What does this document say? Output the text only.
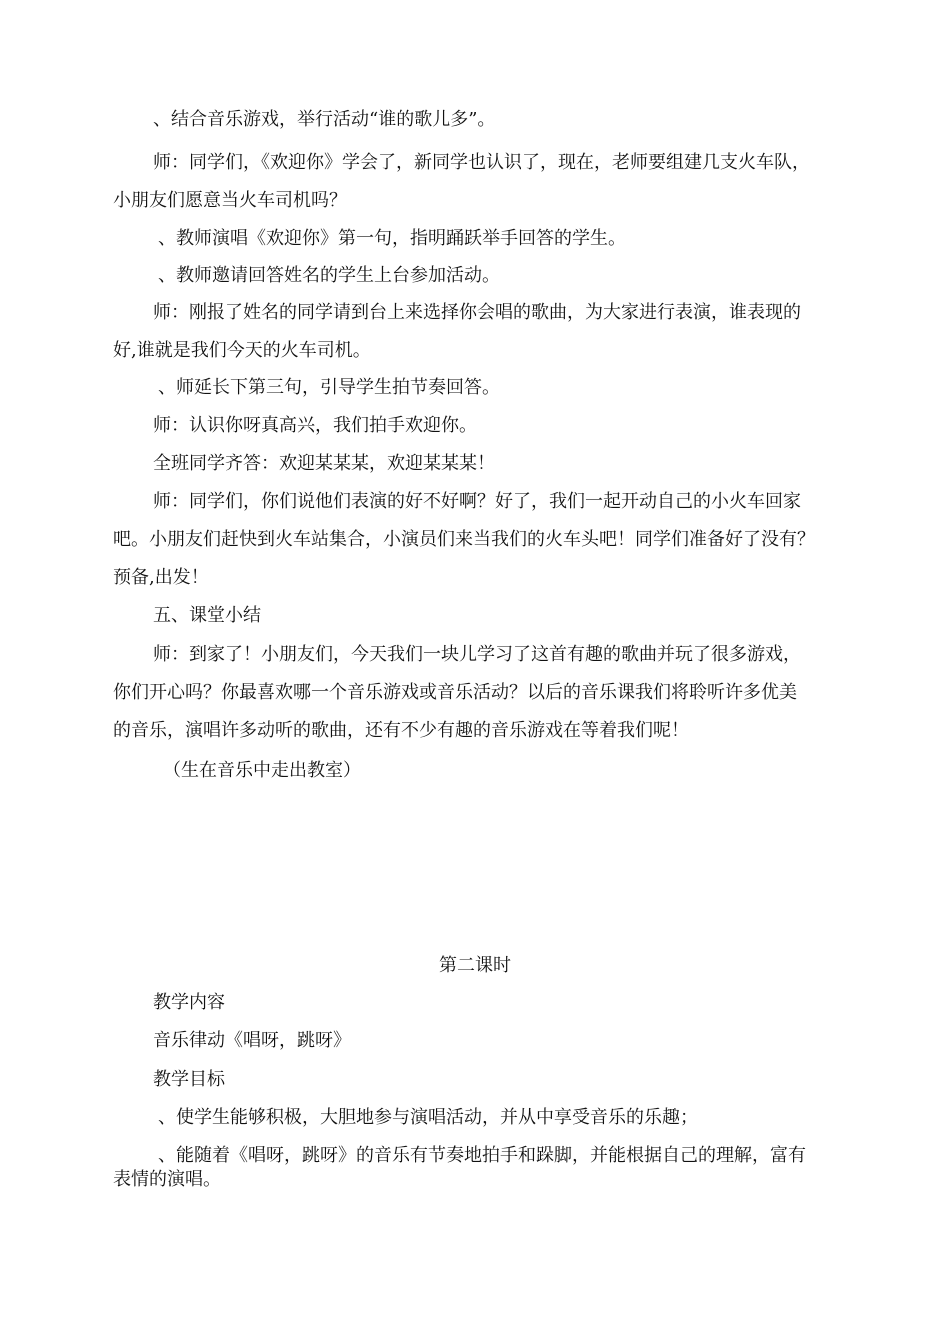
、结合音乐游戏，举行活动“谁的歌儿多”。
师：同学们，《欢迎你》学会了，新同学也认识了，现在，老师要组建几支火车队，
小朋友们愿意当火车司机吗？
、教师演唱《欢迎你》第一句，指明踊跃举手回答的学生。
、教师邀请回答姓名的学生上台参加活动。
师：刚报了姓名的同学请到台上来选择你会唱的歌曲，为大家进行表演，谁表现的
好,谁就是我们今天的火车司机。
、师延长下第三句，引导学生拍节奏回答。
师：认识你呀真高兴，我们拍手欢迎你。
全班同学齐答：欢迎某某某，欢迎某某某！
师：同学们，你们说他们表演的好不好啊？好了，我们一起开动自己的小火车回家
吧。小朋友们赶快到火车站集合，小演员们来当我们的火车头吧！同学们准备好了没有？
预备,出发！
五、课堂小结
师：到家了！小朋友们，今天我们一块儿学习了这首有趣的歌曲并玩了很多游戏，
你们开心吗？你最喜欢哪一个音乐游戏或音乐活动？以后的音乐课我们将聆听许多优美
的音乐，演唱许多动听的歌曲，还有不少有趣的音乐游戏在等着我们呢！
（生在音乐中走出教室）
第二课时
教学内容
音乐律动《唱呀，跳呀》
教学目标
、使学生能够积极，大胆地参与演唱活动，并从中享受音乐的乐趣；
、能随着《唱呀，跳呀》的音乐有节奏地拍手和跺脚，并能根据自己的理解，富有
表情的演唱。
